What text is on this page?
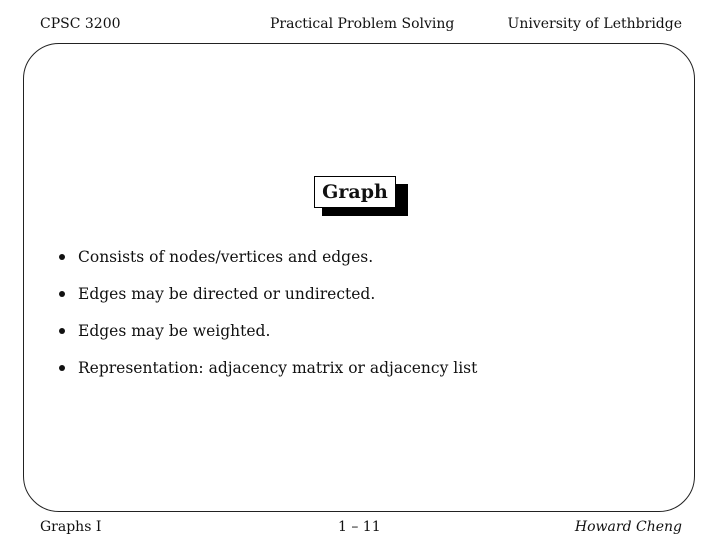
CPSC 3200	Practical Problem Solving	University of Lethbridge
Graph
Consists of nodes/vertices and edges.
Edges may be directed or undirected.
Edges may be weighted.
Representation: adjacency matrix or adjacency list
Graphs I	1 – 11	Howard Cheng
